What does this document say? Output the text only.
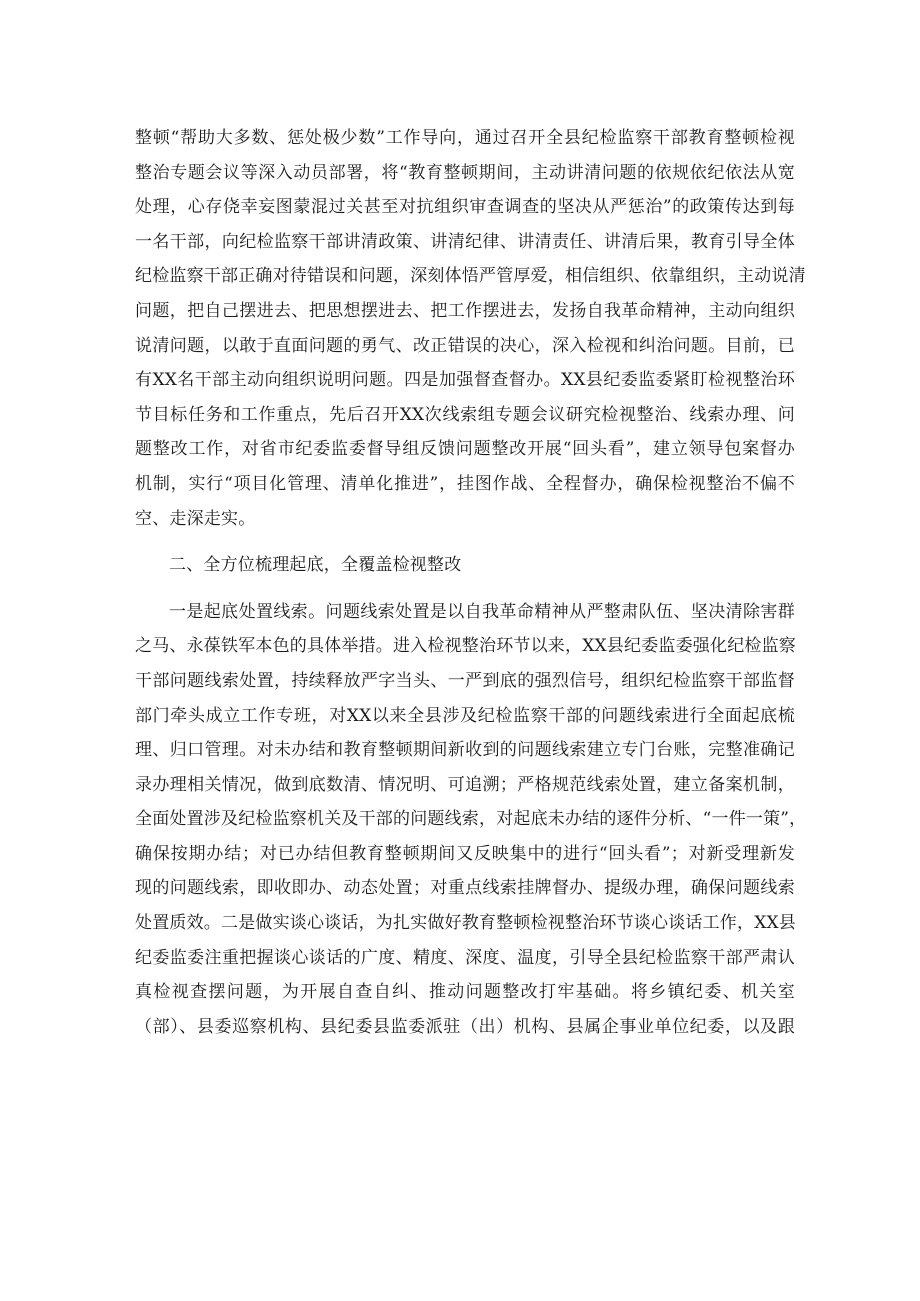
整顿“帮助大多数、惩处极少数”工作导向，通过召开全县纪检监察干部教育整顿检视
整治专题会议等深入动员部署，将“教育整顿期间，主动讲清问题的依规依纪依法从宽
处理，心存侥幸妄图蒙混过关甚至对抗组织审查调查的坚决从严惩治”的政策传达到每
一名干部，向纪检监察干部讲清政策、讲清纪律、讲清责任、讲清后果，教育引导全体
纪检监察干部正确对待错误和问题，深刻体悟严管厚爱，相信组织、依靠组织，主动说清
问题，把自己摆进去、把思想摆进去、把工作摆进去，发扬自我革命精神，主动向组织
说清问题，以敢于直面问题的勇气、改正错误的决心，深入检视和纠治问题。目前，已
有XX名干部主动向组织说明问题。四是加强督查督办。XX县纪委监委紧盯检视整治环
节目标任务和工作重点，先后召开XX次线索组专题会议研究检视整治、线索办理、问
题整改工作，对省市纪委监委督导组反馈问题整改开展“回头看”，建立领导包案督办
机制，实行“项目化管理、清单化推进”，挂图作战、全程督办，确保检视整治不偏不
空、走深走实。
二、全方位梳理起底，全覆盖检视整改
一是起底处置线索。问题线索处置是以自我革命精神从严整肃队伍、坚决清除害群
之马、永葆铁军本色的具体举措。进入检视整治环节以来，XX县纪委监委强化纪检监察
干部问题线索处置，持续释放严字当头、一严到底的强烈信号，组织纪检监察干部监督
部门牵头成立工作专班，对XX以来全县涉及纪检监察干部的问题线索进行全面起底梳
理、归口管理。对未办结和教育整顿期间新收到的问题线索建立专门台账，完整准确记
录办理相关情况，做到底数清、情况明、可追溯；严格规范线索处置，建立备案机制，
全面处置涉及纪检监察机关及干部的问题线索，对起底未办结的逐件分析、“一件一策”，
确保按期办结；对已办结但教育整顿期间又反映集中的进行“回头看”；对新受理新发
现的问题线索，即收即办、动态处置；对重点线索挂牌督办、提级办理，确保问题线索
处置质效。二是做实谈心谈话，为扎实做好教育整顿检视整治环节谈心谈话工作，XX县
纪委监委注重把握谈心谈话的广度、精度、深度、温度，引导全县纪检监察干部严肃认
真检视查摆问题，为开展自查自纠、推动问题整改打牢基础。将乡镇纪委、机关室
（部）、县委巡察机构、县纪委县监委派驻（出）机构、县属企事业单位纪委，以及跟
